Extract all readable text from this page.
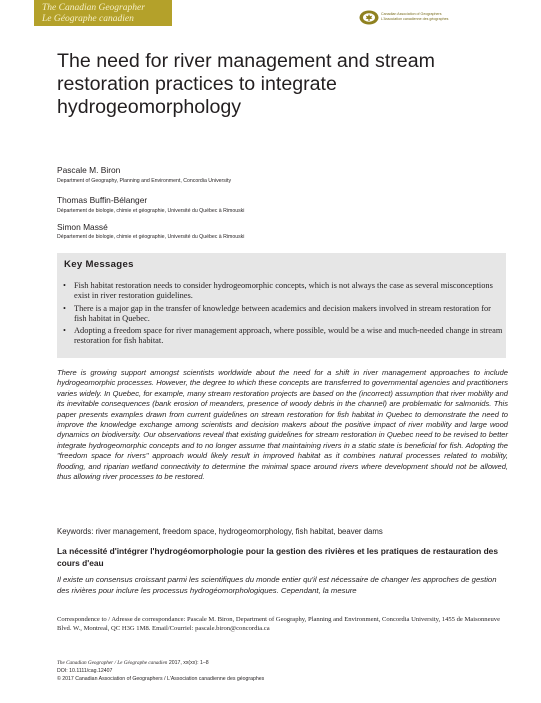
The Canadian Geographer
Le Géographe canadien	Canadian Association of Geographers
L'Association canadienne des géographes
The need for river management and stream restoration practices to integrate hydrogeomorphology
Pascale M. Biron
Department of Geography, Planning and Environment, Concordia University
Thomas Buffin-Bélanger
Département de biologie, chimie et géographie, Université du Québec à Rimouski
Simon Massé
Département de biologie, chimie et géographie, Université du Québec à Rimouski
Key Messages
• Fish habitat restoration needs to consider hydrogeomorphic concepts, which is not always the case as several misconceptions exist in river restoration guidelines.
• There is a major gap in the transfer of knowledge between academics and decision makers involved in stream restoration for fish habitat in Quebec.
• Adopting a freedom space for river management approach, where possible, would be a wise and much-needed change in stream restoration for fish habitat.

There is growing support amongst scientists worldwide about the need for a shift in river management approaches to include hydrogeomorphic processes. However, the degree to which these concepts are transferred to governmental agencies and practitioners varies widely. In Quebec, for example, many stream restoration projects are based on the (incorrect) assumption that river mobility and its inevitable consequences (bank erosion of meanders, presence of woody debris in the channel) are problematic for salmonids. This paper presents examples drawn from current guidelines on stream restoration for fish habitat in Quebec to demonstrate the need to improve the knowledge exchange among scientists and decision makers about the positive impact of river mobility and large wood dynamics on biodiversity. Our observations reveal that existing guidelines for stream restoration in Quebec need to be revised to better integrate hydrogeomorphic concepts and to no longer assume that maintaining rivers in a static state is beneficial for fish. Adopting the "freedom space for rivers" approach would likely result in improved habitat as it combines natural processes related to mobility, flooding, and riparian wetland connectivity to determine the minimal space around rivers where development should not be allowed, thus allowing river processes to be restored.

Keywords: river management, freedom space, hydrogeomorphology, fish habitat, beaver dams
La nécessité d'intégrer l'hydrogéomorphologie pour la gestion des rivières et les pratiques de restauration des cours d'eau

Il existe un consensus croissant parmi les scientifiques du monde entier qu'il est nécessaire de changer les approches de gestion des rivières pour inclure les processus hydrogéomorphologiques. Cependant, la mesure

Correspondence to / Adresse de correspondance: Pascale M. Biron, Department of Geography, Planning and Environment, Concordia University, 1455 de Maisonneuve Blvd. W., Montreal, QC H3G 1M8. Email/Courriel: pascale.biron@concordia.ca

The Canadian Geographer / Le Géographe canadien 2017, xx(xx): 1–8
DOI: 10.1111/cag.12407
© 2017 Canadian Association of Geographers / L'Association canadienne des géographes
